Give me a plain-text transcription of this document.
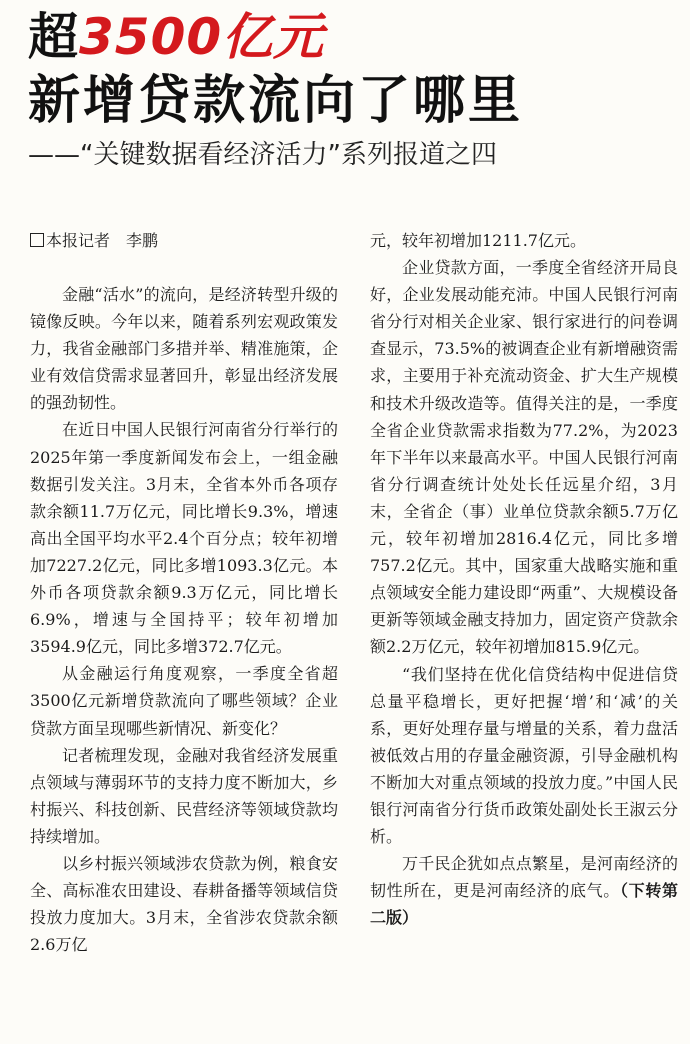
超3500亿元
新增贷款流向了哪里
——“关键数据看经济活力”系列报道之四

本报记者　李鹏

金融“活水”的流向，是经济转型升级的镜像反映。今年以来，随着系列宏观政策发力，我省金融部门多措并举、精准施策，企业有效信贷需求显著回升，彰显出经济发展的强劲韧性。

在近日中国人民银行河南省分行举行的2025年第一季度新闻发布会上，一组金融数据引发关注。3月末，全省本外币各项存款余额11.7万亿元，同比增长9.3%，增速高出全国平均水平2.4个百分点；较年初增加7227.2亿元，同比多增1093.3亿元。本外币各项贷款余额9.3万亿元，同比增长6.9%，增速与全国持平；较年初增加3594.9亿元，同比多增372.7亿元。

从金融运行角度观察，一季度全省超3500亿元新增贷款流向了哪些领域？企业贷款方面呈现哪些新情况、新变化？

记者梳理发现，金融对我省经济发展重点领域与薄弱环节的支持力度不断加大，乡村振兴、科技创新、民营经济等领域贷款均持续增加。

以乡村振兴领域涉农贷款为例，粮食安全、高标准农田建设、春耕备播等领域信贷投放力度加大。3月末，全省涉农贷款余额2.6万亿

元，较年初增加1211.7亿元。

企业贷款方面，一季度全省经济开局良好，企业发展动能充沛。中国人民银行河南省分行对相关企业家、银行家进行的问卷调查显示，73.5%的被调查企业有新增融资需求，主要用于补充流动资金、扩大生产规模和技术升级改造等。值得关注的是，一季度全省企业贷款需求指数为77.2%，为2023年下半年以来最高水平。中国人民银行河南省分行调查统计处处长任远星介绍，3月末，全省企（事）业单位贷款余额5.7万亿元，较年初增加2816.4亿元，同比多增757.2亿元。其中，国家重大战略实施和重点领域安全能力建设即“两重”、大规模设备更新等领域金融支持加力，固定资产贷款余额2.2万亿元，较年初增加815.9亿元。

“我们坚持在优化信贷结构中促进信贷总量平稳增长，更好把握‘增’和‘减’的关系，更好处理存量与增量的关系，着力盘活被低效占用的存量金融资源，引导金融机构不断加大对重点领域的投放力度。”中国人民银行河南省分行货币政策处副处长王淑云分析。

万千民企犹如点点繁星，是河南经济的韧性所在，更是河南经济的底气。（下转第二版）
